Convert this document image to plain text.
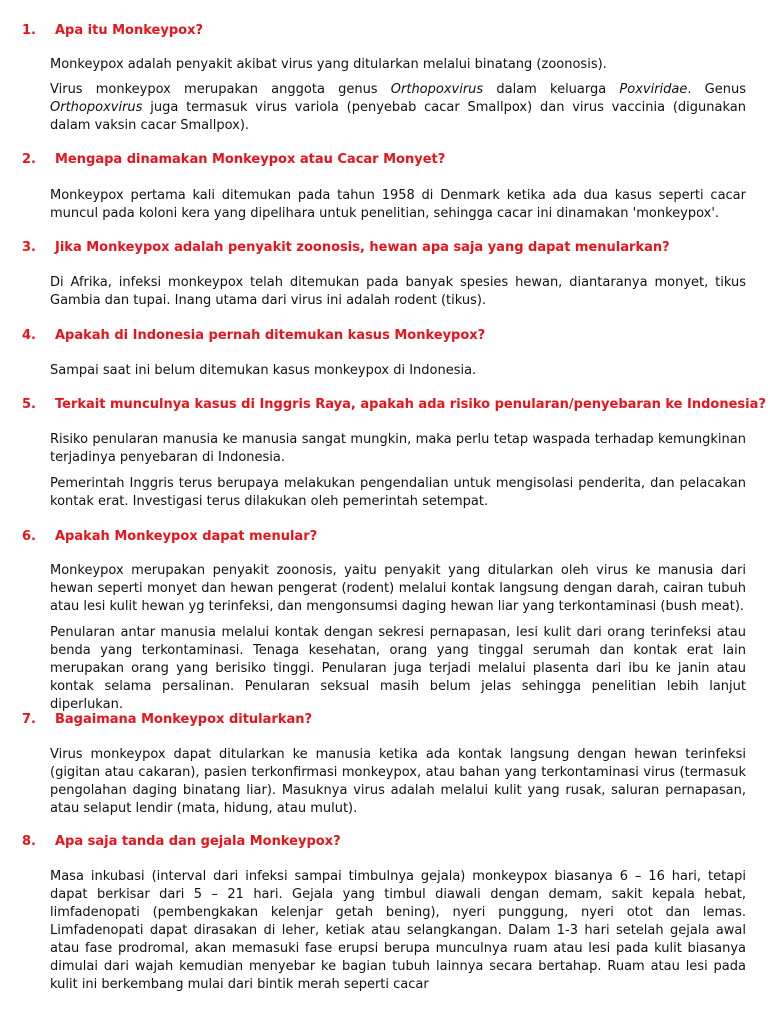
1. Apa itu Monkeypox?

Monkeypox adalah penyakit akibat virus yang ditularkan melalui binatang (zoonosis).

Virus monkeypox merupakan anggota genus Orthopoxvirus dalam keluarga Poxviridae. Genus Orthopoxvirus juga termasuk virus variola (penyebab cacar Smallpox) dan virus vaccinia (digunakan dalam vaksin cacar Smallpox).

2. Mengapa dinamakan Monkeypox atau Cacar Monyet?

Monkeypox pertama kali ditemukan pada tahun 1958 di Denmark ketika ada dua kasus seperti cacar muncul pada koloni kera yang dipelihara untuk penelitian, sehingga cacar ini dinamakan 'monkeypox'.

3. Jika Monkeypox adalah penyakit zoonosis, hewan apa saja yang dapat menularkan?

Di Afrika, infeksi monkeypox telah ditemukan pada banyak spesies hewan, diantaranya monyet, tikus Gambia dan tupai. Inang utama dari virus ini adalah rodent (tikus).

4. Apakah di Indonesia pernah ditemukan kasus Monkeypox?

Sampai saat ini belum ditemukan kasus monkeypox di Indonesia.

5. Terkait munculnya kasus di Inggris Raya, apakah ada risiko penularan/penyebaran ke Indonesia?

Risiko penularan manusia ke manusia sangat mungkin, maka perlu tetap waspada terhadap kemungkinan terjadinya penyebaran di Indonesia.

Pemerintah Inggris terus berupaya melakukan pengendalian untuk mengisolasi penderita, dan pelacakan kontak erat. Investigasi terus dilakukan oleh pemerintah setempat.

6. Apakah Monkeypox dapat menular?

Monkeypox merupakan penyakit zoonosis, yaitu penyakit yang ditularkan oleh virus ke manusia dari hewan seperti monyet dan hewan pengerat (rodent) melalui kontak langsung dengan darah, cairan tubuh atau lesi kulit hewan yg terinfeksi, dan mengonsumsi daging hewan liar yang terkontaminasi (bush meat).

Penularan antar manusia melalui kontak dengan sekresi pernapasan, lesi kulit dari orang terinfeksi atau benda yang terkontaminasi. Tenaga kesehatan, orang yang tinggal serumah dan kontak erat lain merupakan orang yang berisiko tinggi. Penularan juga terjadi melalui plasenta dari ibu ke janin atau kontak selama persalinan. Penularan seksual masih belum jelas sehingga penelitian lebih lanjut diperlukan.

7. Bagaimana Monkeypox ditularkan?

Virus monkeypox dapat ditularkan ke manusia ketika ada kontak langsung dengan hewan terinfeksi (gigitan atau cakaran), pasien terkonfirmasi monkeypox, atau bahan yang terkontaminasi virus (termasuk pengolahan daging binatang liar). Masuknya virus adalah melalui kulit yang rusak, saluran pernapasan, atau selaput lendir (mata, hidung, atau mulut).

8. Apa saja tanda dan gejala Monkeypox?

Masa inkubasi (interval dari infeksi sampai timbulnya gejala) monkeypox biasanya 6 – 16 hari, tetapi dapat berkisar dari 5 – 21 hari. Gejala yang timbul diawali dengan demam, sakit kepala hebat, limfadenopati (pembengkakan kelenjar getah bening), nyeri punggung, nyeri otot dan lemas. Limfadenopati dapat dirasakan di leher, ketiak atau selangkangan. Dalam 1-3 hari setelah gejala awal atau fase prodromal, akan memasuki fase erupsi berupa munculnya ruam atau lesi pada kulit biasanya dimulai dari wajah kemudian menyebar ke bagian tubuh lainnya secara bertahap. Ruam atau lesi pada kulit ini berkembang mulai dari bintik merah seperti cacar
